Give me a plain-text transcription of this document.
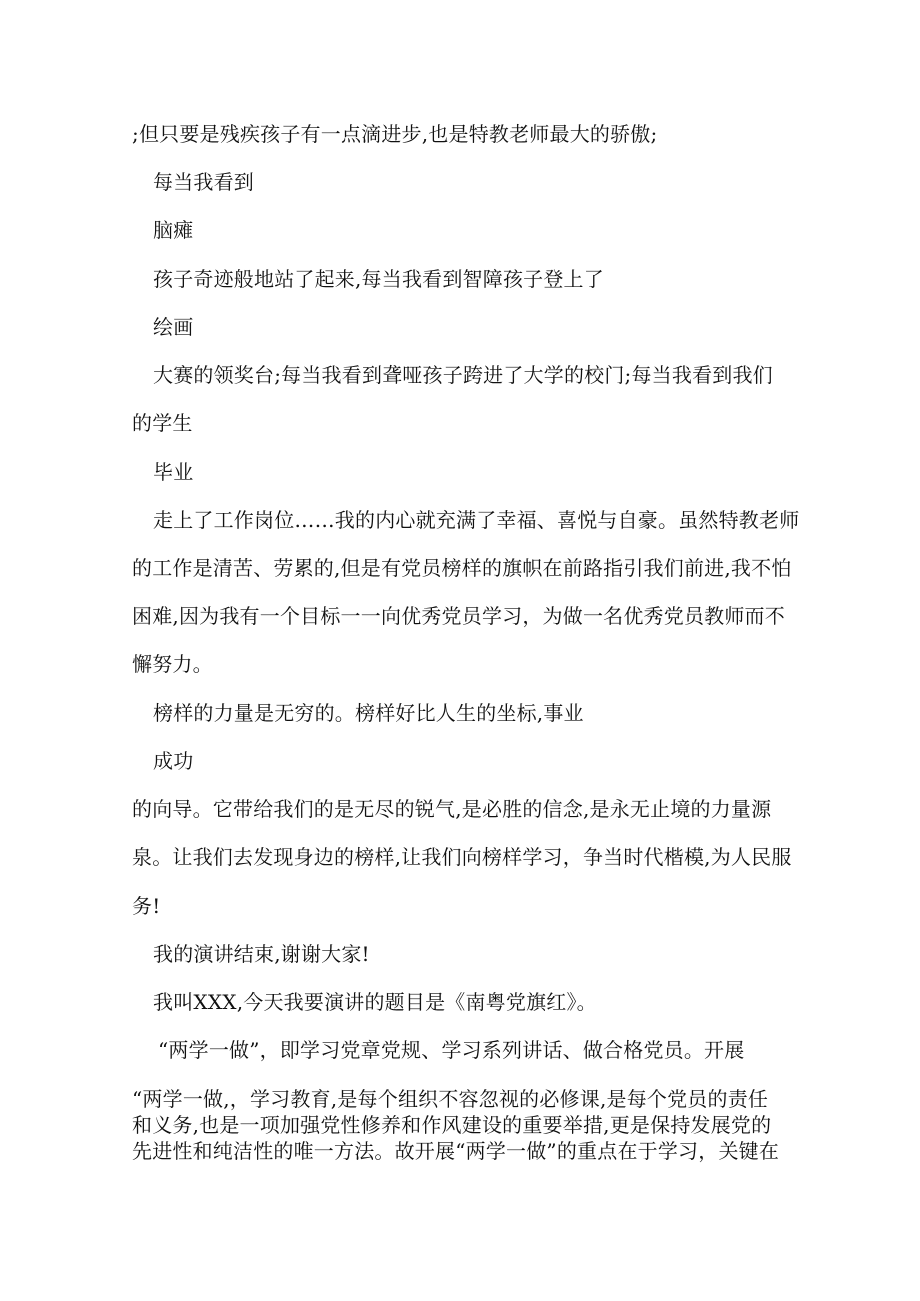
;但只要是残疾孩子有一点滴进步,也是特教老师最大的骄傲;
每当我看到
脑瘫
孩子奇迹般地站了起来,每当我看到智障孩子登上了
绘画
大赛的领奖台;每当我看到聋哑孩子跨进了大学的校门;每当我看到我们
的学生
毕业
走上了工作岗位……我的内心就充满了幸福、喜悦与自豪。虽然特教老师
的工作是清苦、劳累的,但是有党员榜样的旗帜在前路指引我们前进,我不怕
困难,因为我有一个目标一一向优秀党员学习，为做一名优秀党员教师而不
懈努力。
榜样的力量是无穷的。榜样好比人生的坐标,事业
成功
的向导。它带给我们的是无尽的锐气,是必胜的信念,是永无止境的力量源
泉。让我们去发现身边的榜样,让我们向榜样学习，争当时代楷模,为人民服
务!
我的演讲结束,谢谢大家!
我叫XXX,今天我要演讲的题目是《南粤党旗红》。
“两学一做”，即学习党章党规、学习系列讲话、做合格党员。开展
“两学一做,，学习教育,是每个组织不容忽视的必修课,是每个党员的责任
和义务,也是一项加强党性修养和作风建设的重要举措,更是保持发展党的
先进性和纯洁性的唯一方法。故开展“两学一做”的重点在于学习，关键在
